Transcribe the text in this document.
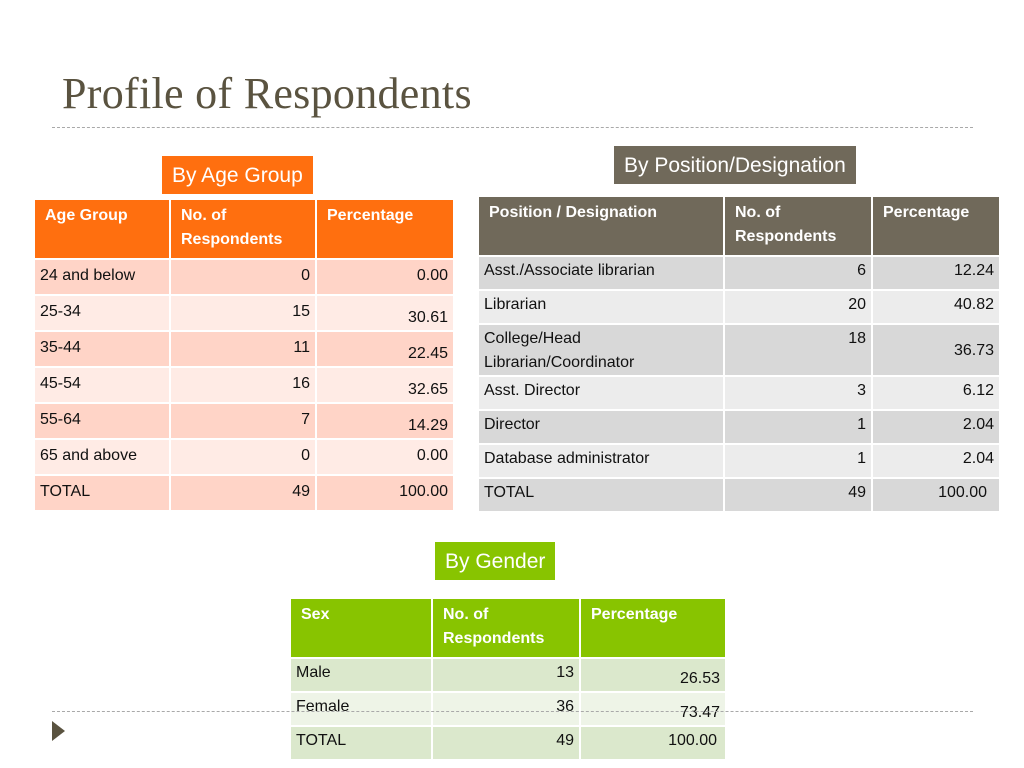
Profile of Respondents
By Age Group
Age Group	No. of Respondents	Percentage
24 and below	0	0.00
25-34	15	30.61
35-44	11	22.45
45-54	16	32.65
55-64	7	14.29
65 and above	0	0.00
TOTAL	49	100.00
By Position/Designation
Position / Designation	No. of Respondents	Percentage
Asst./Associate librarian	6	12.24
Librarian	20	40.82
College/Head Librarian/Coordinator	18	36.73
Asst. Director	3	6.12
Director	1	2.04
Database administrator	1	2.04
TOTAL	49	100.00
By Gender
Sex	No. of Respondents	Percentage
Male	13	26.53
Female	36	73.47
TOTAL	49	100.00
